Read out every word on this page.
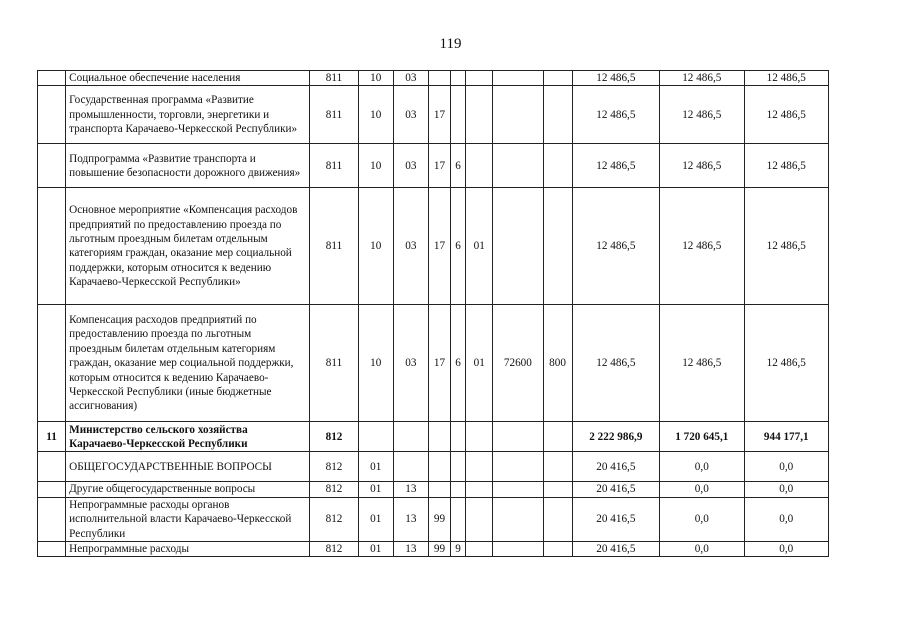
119
	Социальное обеспечение населения	811	10	03						12 486,5	12 486,5	12 486,5
	Государственная программа «Развитие промышленности, торговли, энергетики и транспорта Карачаево-Черкесской Республики»	811	10	03	17					12 486,5	12 486,5	12 486,5
	Подпрограмма «Развитие транспорта и повышение безопасности дорожного движения»	811	10	03	17	6				12 486,5	12 486,5	12 486,5
	Основное мероприятие «Компенсация расходов предприятий по предоставлению проезда по льготным проездным билетам отдельным категориям граждан, оказание мер социальной поддержки, которым относится к ведению Карачаево-Черкесской Республики»	811	10	03	17	6	01			12 486,5	12 486,5	12 486,5
	Компенсация расходов предприятий по предоставлению проезда по льготным проездным билетам отдельным категориям граждан, оказание мер социальной поддержки, которым относится к ведению Карачаево-Черкесской Республики (иные бюджетные ассигнования)	811	10	03	17	6	01	72600	800	12 486,5	12 486,5	12 486,5
11	Министерство сельского хозяйства Карачаево-Черкесской Республики	812								2 222 986,9	1 720 645,1	944 177,1
	ОБЩЕГОСУДАРСТВЕННЫЕ ВОПРОСЫ	812	01							20 416,5	0,0	0,0
	Другие общегосударственные вопросы	812	01	13						20 416,5	0,0	0,0
	Непрограммные расходы органов исполнительной власти Карачаево-Черкесской Республики	812	01	13	99					20 416,5	0,0	0,0
	Непрограммные расходы	812	01	13	99	9				20 416,5	0,0	0,0
